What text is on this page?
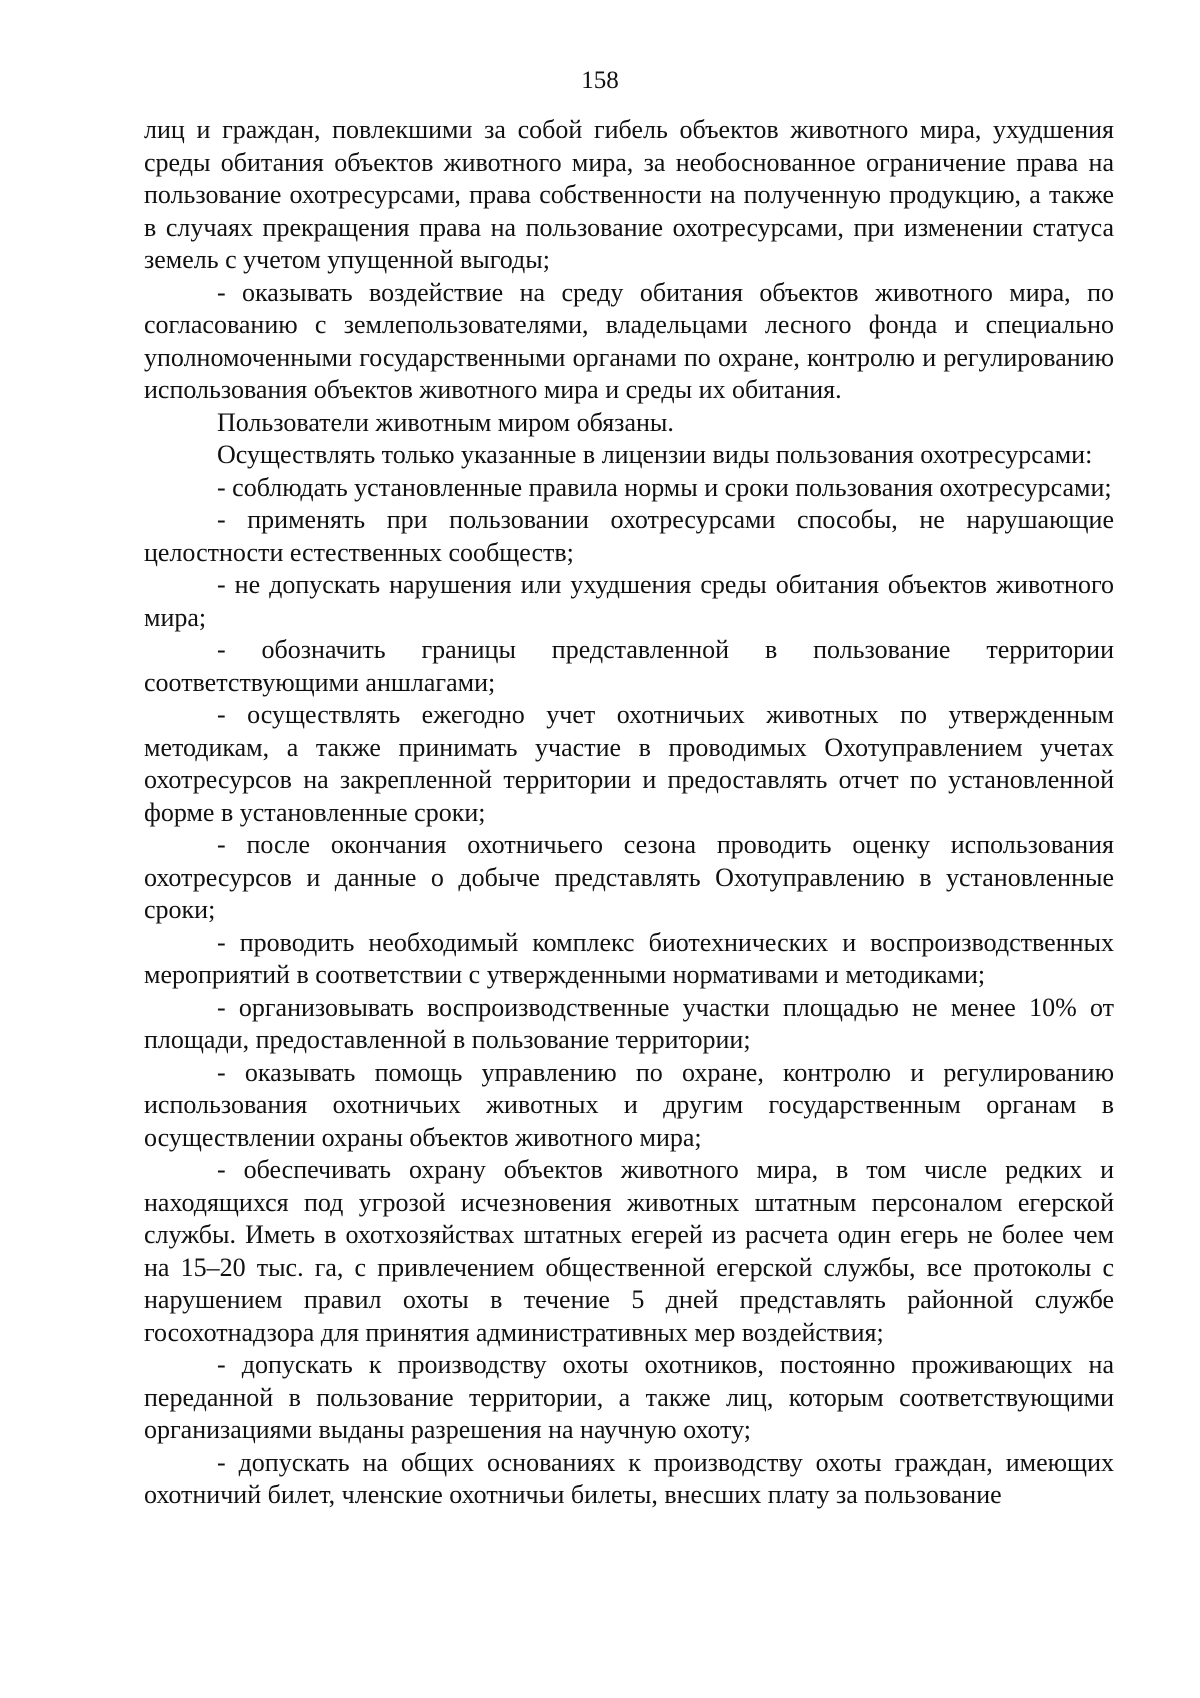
158

лиц и граждан, повлекшими за собой гибель объектов животного мира, ухудшения среды обитания объектов животного мира, за необоснованное ограничение права на пользование охотресурсами, права собственности на полученную продукцию, а также в случаях прекращения права на пользование охотресурсами, при изменении статуса земель с учетом упущенной выгоды;

- оказывать воздействие на среду обитания объектов животного мира, по согласованию с землепользователями, владельцами лесного фонда и специально уполномоченными государственными органами по охране, контролю и регулированию использования объектов животного мира и среды их обитания.

Пользователи животным миром обязаны.

Осуществлять только указанные в лицензии виды пользования охотресурсами:

- соблюдать установленные правила нормы и сроки пользования охотресурсами;

- применять при пользовании охотресурсами способы, не нарушающие целостности естественных сообществ;

- не допускать нарушения или ухудшения среды обитания объектов животного мира;

- обозначить границы представленной в пользование территории соответствующими аншлагами;

- осуществлять ежегодно учет охотничьих животных по утвержденным методикам, а также принимать участие в проводимых Охотуправлением учетах охотресурсов на закрепленной территории и предоставлять отчет по установленной форме в установленные сроки;

- после окончания охотничьего сезона проводить оценку использования охотресурсов и данные о добыче представлять Охотуправлению в установленные сроки;

- проводить необходимый комплекс биотехнических и воспроизводственных мероприятий в соответствии с утвержденными нормативами и методиками;

- организовывать воспроизводственные участки площадью не менее 10% от площади, предоставленной в пользование территории;

- оказывать помощь управлению по охране, контролю и регулированию использования охотничьих животных и другим государственным органам в осуществлении охраны объектов животного мира;

- обеспечивать охрану объектов животного мира, в том числе редких и находящихся под угрозой исчезновения животных штатным персоналом егерской службы. Иметь в охотхозяйствах штатных егерей из расчета один егерь не более чем на 15–20 тыс. га, с привлечением общественной егерской службы, все протоколы с нарушением правил охоты в течение 5 дней представлять районной службе госохотнадзора для принятия административных мер воздействия;

- допускать к производству охоты охотников, постоянно проживающих на переданной в пользование территории, а также лиц, которым соответствующими организациями выданы разрешения на научную охоту;

- допускать на общих основаниях к производству охоты граждан, имеющих охотничий билет, членские охотничьи билеты, внесших плату за пользование
